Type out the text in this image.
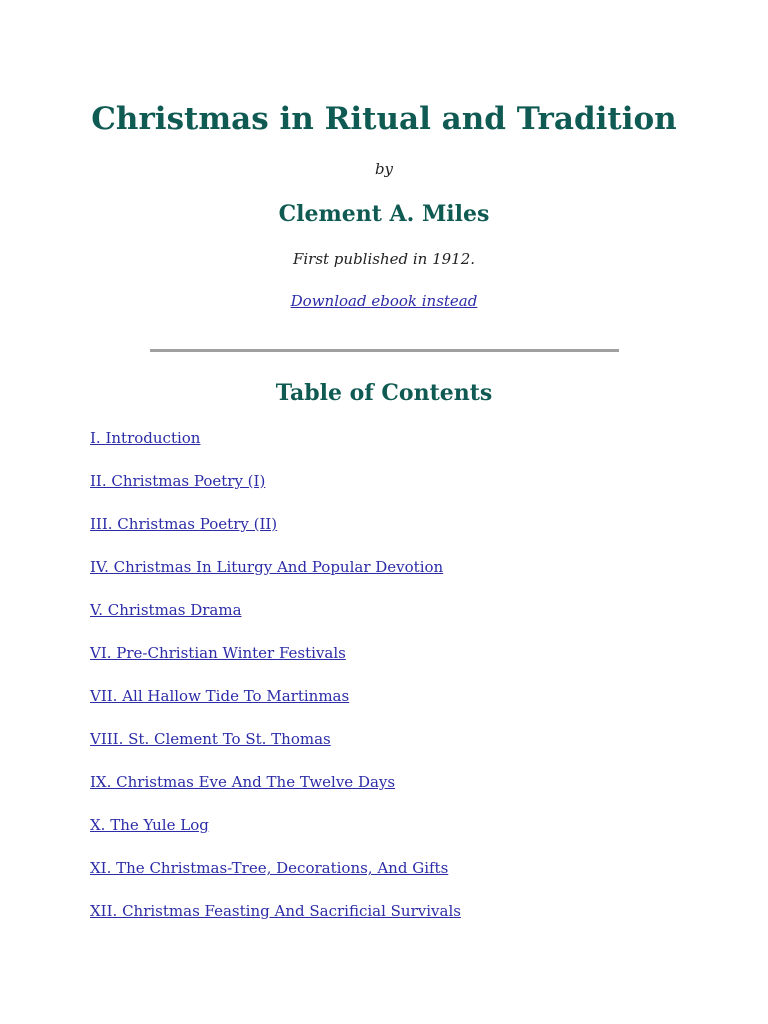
Christmas in Ritual and Tradition

by

Clement A. Miles

First published in 1912.

Download ebook instead

Table of Contents
I. Introduction
II. Christmas Poetry (I)
III. Christmas Poetry (II)
IV. Christmas In Liturgy And Popular Devotion
V. Christmas Drama
VI. Pre-Christian Winter Festivals
VII. All Hallow Tide To Martinmas
VIII. St. Clement To St. Thomas
IX. Christmas Eve And The Twelve Days
X. The Yule Log
XI. The Christmas-Tree, Decorations, And Gifts
XII. Christmas Feasting And Sacrificial Survivals
